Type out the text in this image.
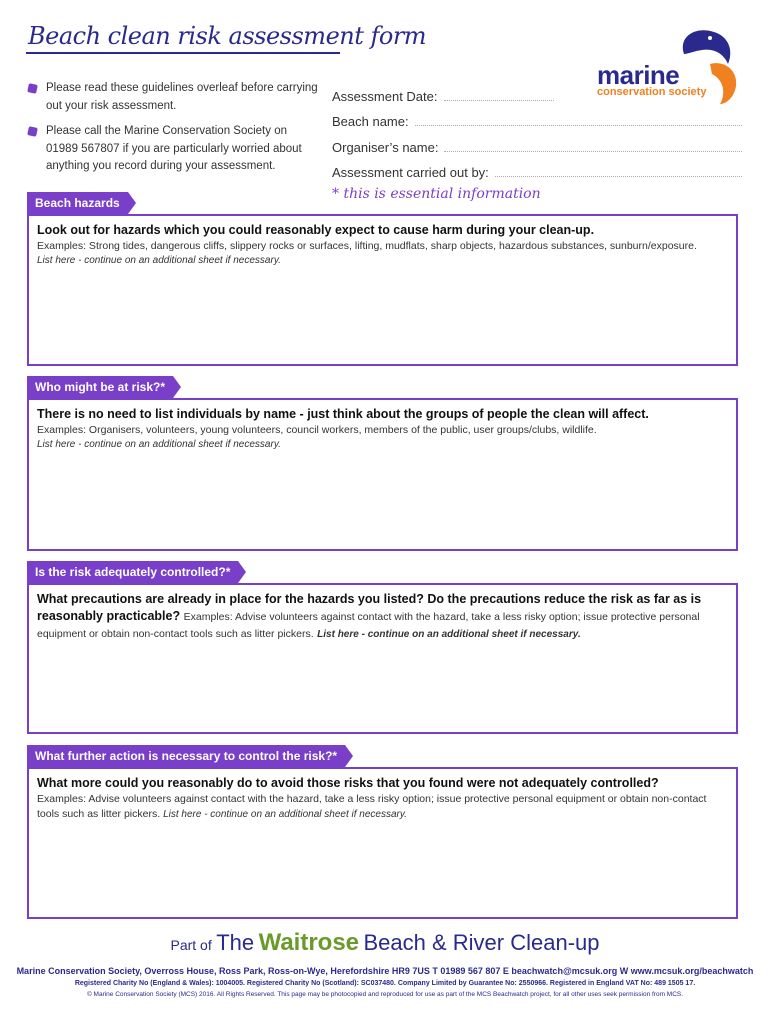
Beach clean risk assessment form
marine
conservation society
Please read these guidelines overleaf before carrying out your risk assessment.
Please call the Marine Conservation Society on 01989 567807 if you are particularly worried about anything you record during your assessment.
Assessment Date:
Beach name:
Organiser’s name:
Assessment carried out by:
* this is essential information
Beach hazards
Look out for hazards which you could reasonably expect to cause harm during your clean-up.
Examples: Strong tides, dangerous cliffs, slippery rocks or surfaces, lifting, mudflats, sharp objects, hazardous substances, sunburn/exposure.
List here - continue on an additional sheet if necessary.
Who might be at risk?*
There is no need to list individuals by name - just think about the groups of people the clean will affect.
Examples: Organisers, volunteers, young volunteers, council workers, members of the public, user groups/clubs, wildlife.
List here - continue on an additional sheet if necessary.
Is the risk adequately controlled?*
What precautions are already in place for the hazards you listed? Do the precautions reduce the risk as far as is reasonably practicable? Examples: Advise volunteers against contact with the hazard, take a less risky option; issue protective personal equipment or obtain non-contact tools such as litter pickers. List here - continue on an additional sheet if necessary.
What further action is necessary to control the risk?*
What more could you reasonably do to avoid those risks that you found were not adequately controlled?
Examples: Advise volunteers against contact with the hazard, take a less risky option; issue protective personal equipment or obtain non-contact tools such as litter pickers. List here - continue on an additional sheet if necessary.
Part of The Waitrose Beach & River Clean-up
Marine Conservation Society, Overross House, Ross Park, Ross-on-Wye, Herefordshire HR9 7US T 01989 567 807 E beachwatch@mcsuk.org W www.mcsuk.org/beachwatch
Registered Charity No (England & Wales): 1004005. Registered Charity No (Scotland): SC037480. Company Limited by Guarantee No: 2550966. Registered in England VAT No: 489 1505 17.
© Marine Conservation Society (MCS) 2016. All Rights Reserved. This page may be photocopied and reproduced for use as part of the MCS Beachwatch project, for all other uses seek permission from MCS.
